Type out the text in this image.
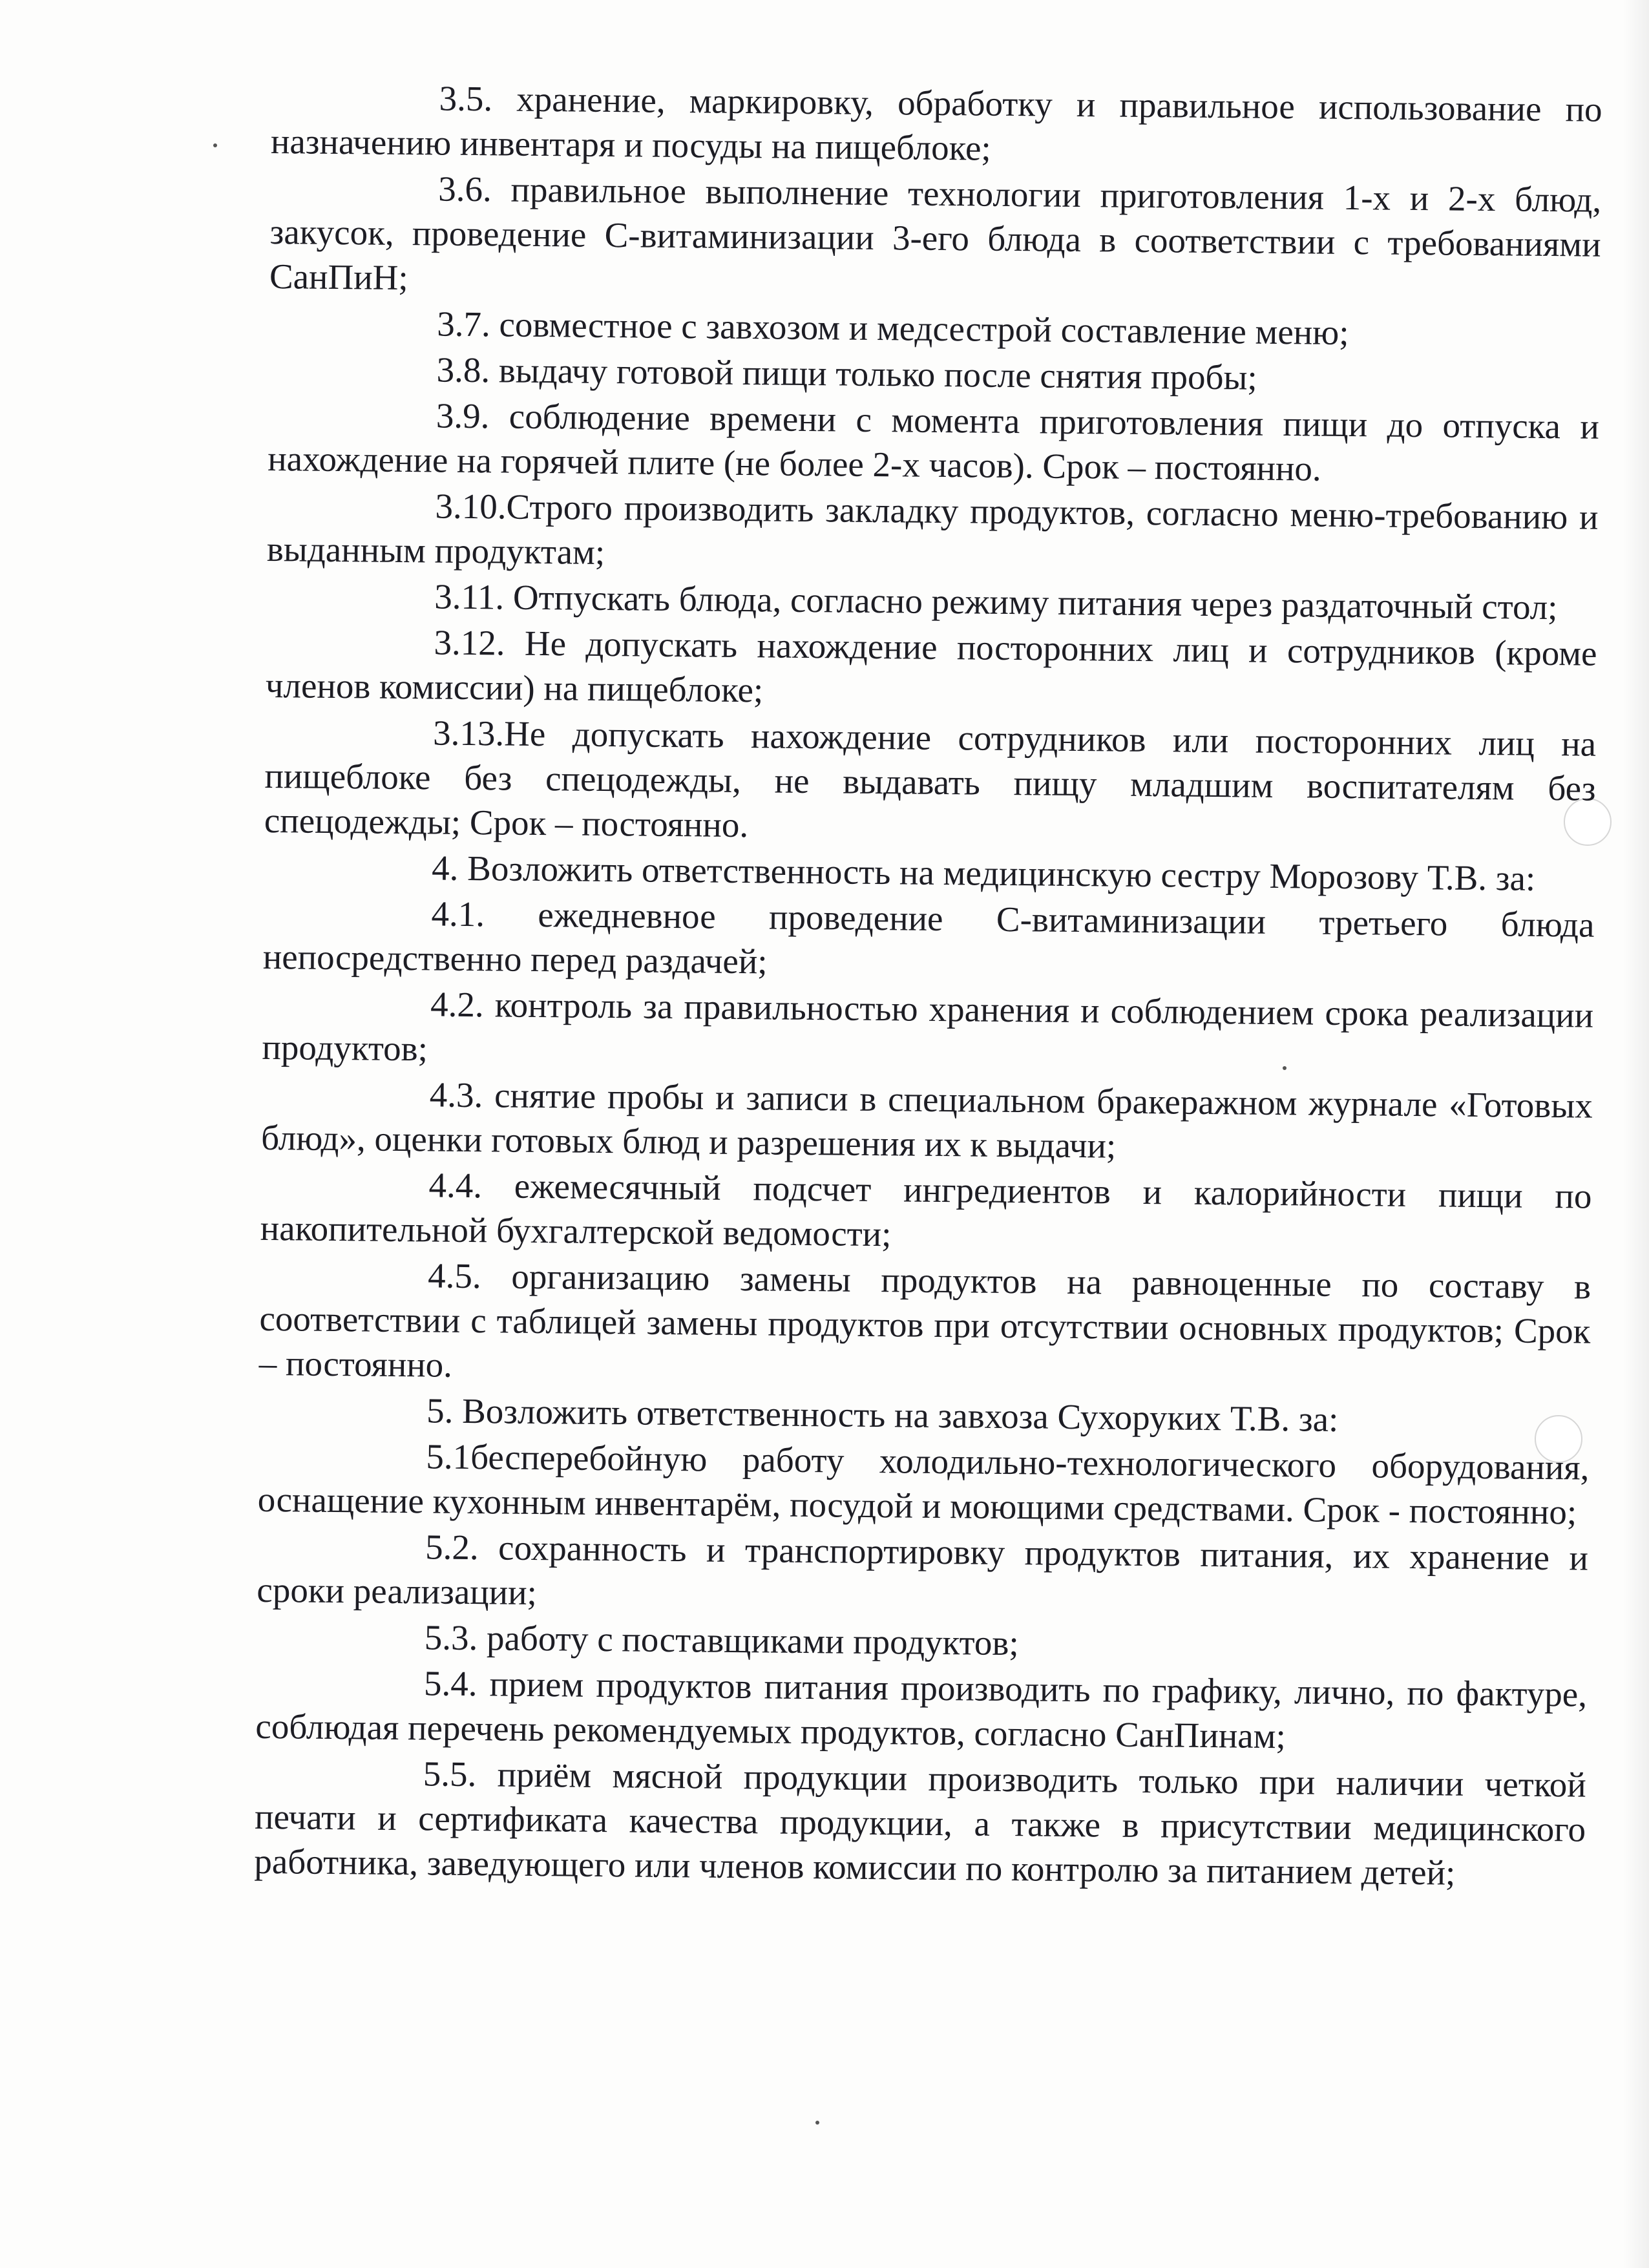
3.5. хранение, маркировку, обработку и правильное использование по назначению инвентаря и посуды на пищеблоке;

3.6. правильное выполнение технологии приготовления 1-х и 2-х блюд, закусок, проведение С-витаминизации 3-его блюда в соответствии с требованиями СанПиН;

3.7. совместное с завхозом и медсестрой составление меню;

3.8. выдачу готовой пищи только после снятия пробы;

3.9. соблюдение времени с момента приготовления пищи до отпуска и нахождение на горячей плите (не более 2-х часов). Срок – постоянно.

3.10.Строго производить закладку продуктов, согласно меню-требованию и выданным продуктам;

3.11. Отпускать блюда, согласно режиму питания через раздаточный стол;

3.12. Не допускать нахождение посторонних лиц и сотрудников (кроме членов комиссии) на пищеблоке;

3.13.Не допускать нахождение сотрудников или посторонних лиц на пищеблоке без спецодежды, не выдавать пищу младшим воспитателям без спецодежды; Срок – постоянно.

4. Возложить ответственность на медицинскую сестру Морозову Т.В. за:

4.1. ежедневное проведение С-витаминизации третьего блюда непосредственно перед раздачей;

4.2. контроль за правильностью хранения и соблюдением срока реализации продуктов;

4.3. снятие пробы и записи в специальном бракеражном журнале «Готовых блюд», оценки готовых блюд и разрешения их к выдачи;

4.4. ежемесячный подсчет ингредиентов и калорийности пищи по накопительной бухгалтерской ведомости;

4.5. организацию замены продуктов на равноценные по составу в соответствии с таблицей замены продуктов при отсутствии основных продуктов; Срок – постоянно.

5. Возложить ответственность на завхоза Сухоруких Т.В. за:

5.1бесперебойную работу холодильно-технологического оборудования, оснащение кухонным инвентарём, посудой и моющими средствами. Срок - постоянно;

5.2. сохранность и транспортировку продуктов питания, их хранение и сроки реализации;

5.3. работу с поставщиками продуктов;

5.4. прием продуктов питания производить по графику, лично, по фактуре, соблюдая перечень рекомендуемых продуктов, согласно СанПинам;

5.5. приём мясной продукции производить только при наличии четкой печати и сертификата качества продукции, а также в присутствии медицинского работника, заведующего или членов комиссии по контролю за питанием детей;
